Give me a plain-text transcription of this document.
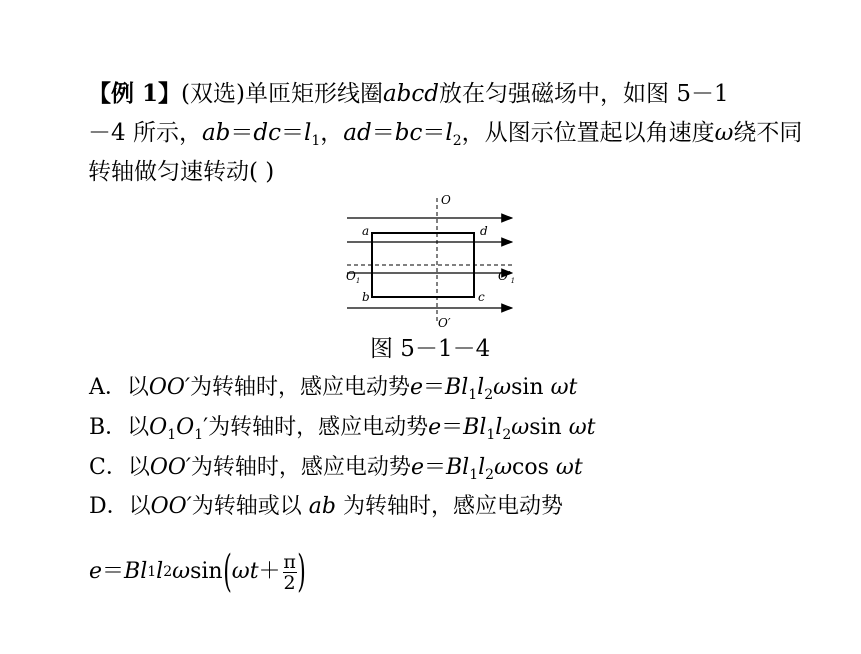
【例 1】(双选)单匝矩形线圈abcd放在匀强磁场中，如图 5－1
－4 所示，$ab=dc=l_1$，$ad=bc=l_2$，从图示位置起以角速度ω绕不同
转轴做匀速转动( )
O
O′
a	d
b	c
$O_1$	$O'_1$
图 5－1－4
A．以OO′为转轴时，感应电动势$e=Bl_1l_2\omega\sin$ ωt
B．以$O_1O_1'$为转轴时，感应电动势$e=Bl_1l_2\omega\sin$ ωt
C．以OO′为转轴时，感应电动势$e=Bl_1l_2\omega\cos$ ωt
D．以OO′为转轴或以 ab 为转轴时，感应电动势
e ＝ Bl 1 l 2 ω sin ( $\omega t + \frac{\pi}{2}$ )
